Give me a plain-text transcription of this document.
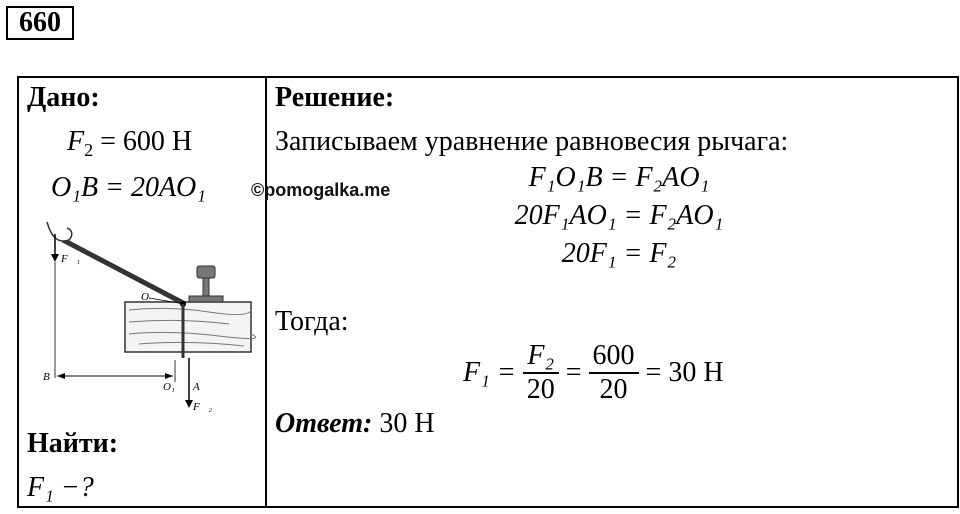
660
Дано:
$F_2 = 600$ Н
O₁B = 20AO₁
F⃗₁
F⃗₂
O
B
O₁ A
Найти:
F₁ −?
©pomogalka.me
Решение:
Записываем уравнение равновесия рычага:
F₁O₁B = F₂AO₁
20F₁AO₁ = F₂AO₁
20F₁ = F₂
Тогда:
$F_1 = \frac{\text{F₂}}{20} = \frac{600}{20} = 30$ Н
Ответ: 30 Н
